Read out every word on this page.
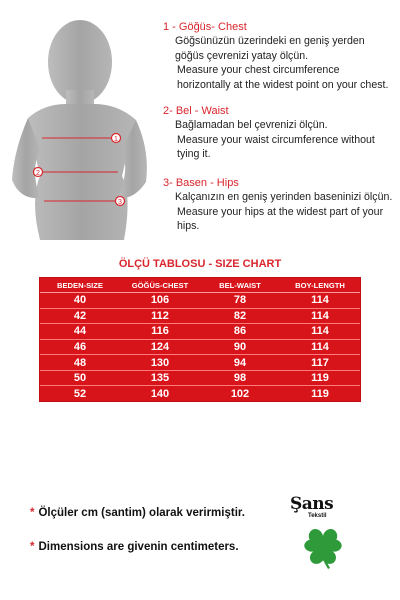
1
2
3
1 - Göğüs- Chest
Göğsünüzün üzerindeki en geniş yerden göğüs çevrenizi yatay ölçün.
Measure your chest circumference horizontally at the widest point on your chest.
2- Bel - Waist
Bağlamadan bel çevrenizi ölçün.
Measure your waist circumference without tying it.
3- Basen - Hips
Kalçanızın en geniş yerinden baseninizi ölçün.
Measure your hips at the widest part of your hips.
ÖLÇÜ TABLOSU - SIZE CHART
BEDEN-SIZE	GÖĞÜS-CHEST	BEL-WAIST	BOY-LENGTH
40	106	78	114
42	112	82	114
44	116	86	114
46	124	90	114
48	130	94	117
50	135	98	119
52	140	102	119
* Ölçüler cm (santim) olarak verirmiştir.
* Dimensions are givenin centimeters.
Şans
Tekstil
